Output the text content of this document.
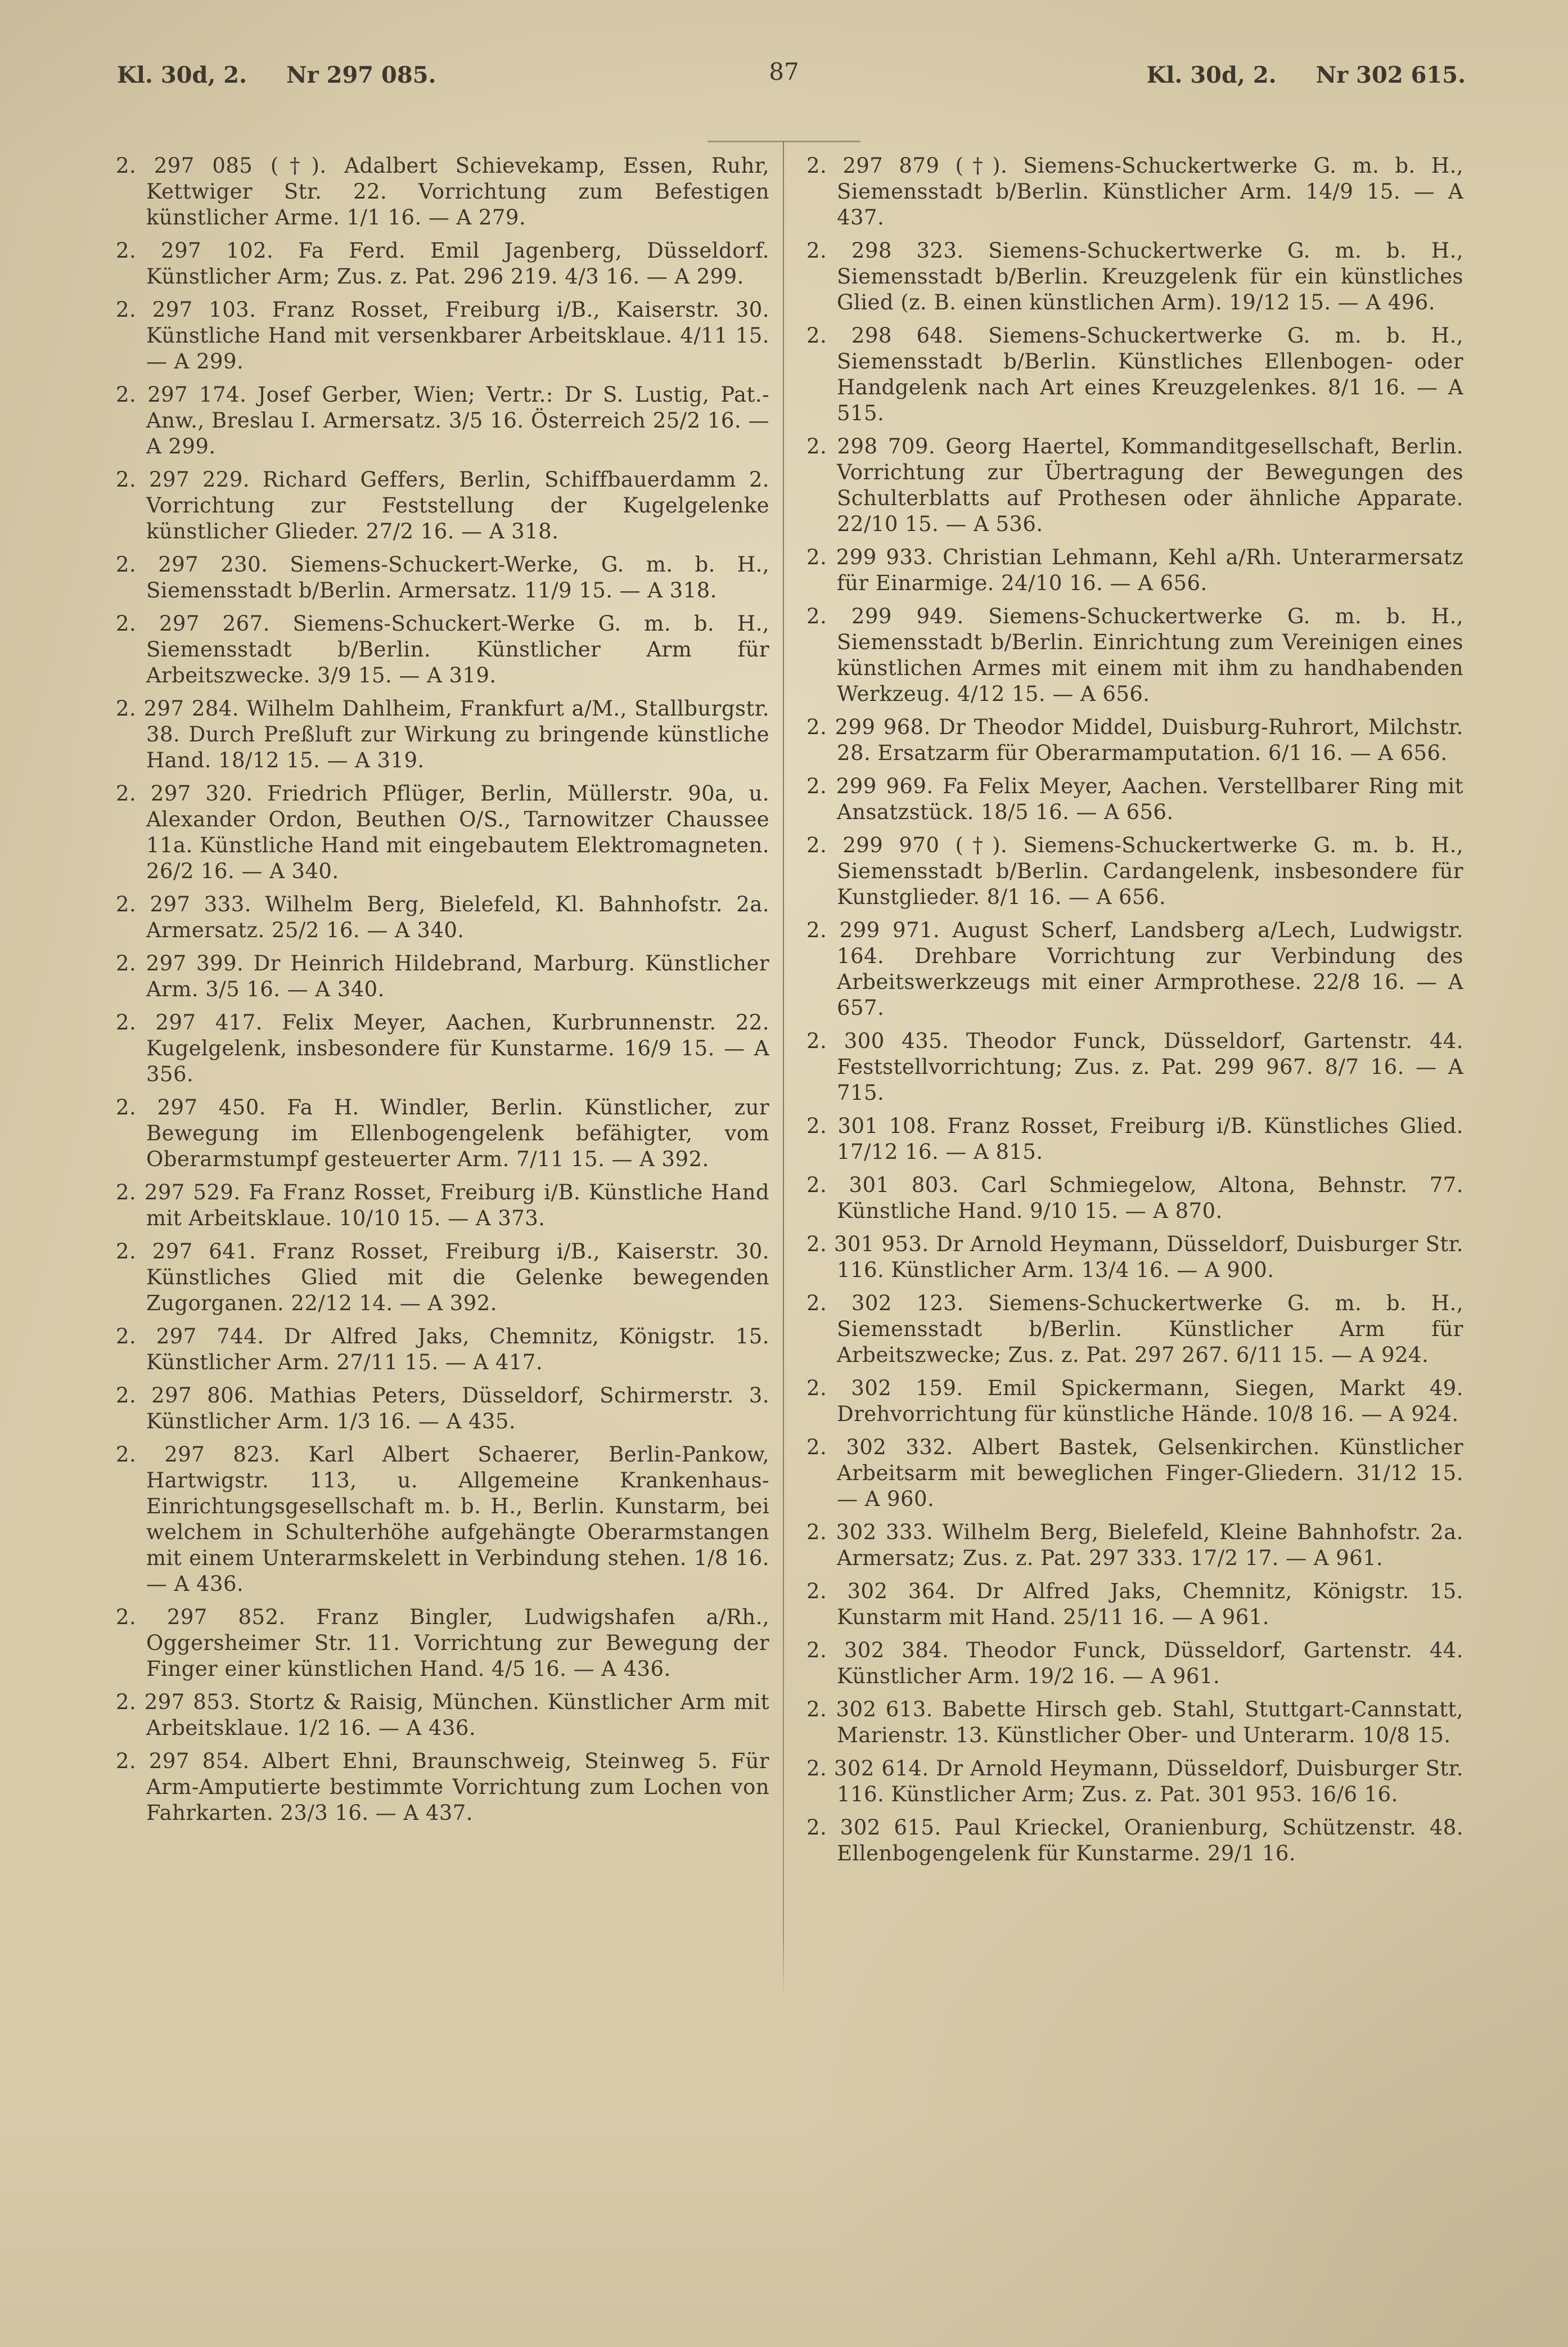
Kl. 30d, 2. Nr 297 085.	87	Kl. 30d, 2. Nr 302 615.

2. 297 085 (†). Adalbert Schievekamp, Essen, Ruhr, Kettwiger Str. 22. Vorrichtung zum Befestigen künstlicher Arme. 1/1 16. — A 279.

2. 297 102. Fa Ferd. Emil Jagenberg, Düsseldorf. Künstlicher Arm; Zus. z. Pat. 296 219. 4/3 16. — A 299.

2. 297 103. Franz Rosset, Freiburg i/B., Kaiserstr. 30. Künstliche Hand mit versenkbarer Arbeitsklaue. 4/11 15. — A 299.

2. 297 174. Josef Gerber, Wien; Vertr.: Dr S. Lustig, Pat.-Anw., Breslau I. Armersatz. 3/5 16. Österreich 25/2 16. — A 299.

2. 297 229. Richard Geffers, Berlin, Schiffbauerdamm 2. Vorrichtung zur Feststellung der Kugelgelenke künstlicher Glieder. 27/2 16. — A 318.

2. 297 230. Siemens-Schuckert-Werke, G. m. b. H., Siemensstadt b/Berlin. Armersatz. 11/9 15. — A 318.

2. 297 267. Siemens-Schuckert-Werke G. m. b. H., Siemensstadt b/Berlin. Künstlicher Arm für Arbeitszwecke. 3/9 15. — A 319.

2. 297 284. Wilhelm Dahlheim, Frankfurt a/M., Stallburgstr. 38. Durch Preßluft zur Wirkung zu bringende künstliche Hand. 18/12 15. — A 319.

2. 297 320. Friedrich Pflüger, Berlin, Müllerstr. 90a, u. Alexander Ordon, Beuthen O/S., Tarnowitzer Chaussee 11a. Künstliche Hand mit eingebautem Elektromagneten. 26/2 16. — A 340.

2. 297 333. Wilhelm Berg, Bielefeld, Kl. Bahnhofstr. 2a. Armersatz. 25/2 16. — A 340.

2. 297 399. Dr Heinrich Hildebrand, Marburg. Künstlicher Arm. 3/5 16. — A 340.

2. 297 417. Felix Meyer, Aachen, Kurbrunnenstr. 22. Kugelgelenk, insbesondere für Kunstarme. 16/9 15. — A 356.

2. 297 450. Fa H. Windler, Berlin. Künstlicher, zur Bewegung im Ellenbogengelenk befähigter, vom Oberarmstumpf gesteuerter Arm. 7/11 15. — A 392.

2. 297 529. Fa Franz Rosset, Freiburg i/B. Künstliche Hand mit Arbeitsklaue. 10/10 15. — A 373.

2. 297 641. Franz Rosset, Freiburg i/B., Kaiserstr. 30. Künstliches Glied mit die Gelenke bewegenden Zugorganen. 22/12 14. — A 392.

2. 297 744. Dr Alfred Jaks, Chemnitz, Königstr. 15. Künstlicher Arm. 27/11 15. — A 417.

2. 297 806. Mathias Peters, Düsseldorf, Schirmerstr. 3. Künstlicher Arm. 1/3 16. — A 435.

2. 297 823. Karl Albert Schaerer, Berlin-Pankow, Hartwigstr. 113, u. Allgemeine Krankenhaus-Einrichtungsgesellschaft m. b. H., Berlin. Kunstarm, bei welchem in Schulterhöhe aufgehängte Oberarmstangen mit einem Unterarmskelett in Verbindung stehen. 1/8 16. — A 436.

2. 297 852. Franz Bingler, Ludwigshafen a/Rh., Oggersheimer Str. 11. Vorrichtung zur Bewegung der Finger einer künstlichen Hand. 4/5 16. — A 436.

2. 297 853. Stortz & Raisig, München. Künstlicher Arm mit Arbeitsklaue. 1/2 16. — A 436.

2. 297 854. Albert Ehni, Braunschweig, Steinweg 5. Für Arm-Amputierte bestimmte Vorrichtung zum Lochen von Fahrkarten. 23/3 16. — A 437.

2. 297 879 (†). Siemens-Schuckertwerke G. m. b. H., Siemensstadt b/Berlin. Künstlicher Arm. 14/9 15. — A 437.

2. 298 323. Siemens-Schuckertwerke G. m. b. H., Siemensstadt b/Berlin. Kreuzgelenk für ein künstliches Glied (z. B. einen künstlichen Arm). 19/12 15. — A 496.

2. 298 648. Siemens-Schuckertwerke G. m. b. H., Siemensstadt b/Berlin. Künstliches Ellenbogen- oder Handgelenk nach Art eines Kreuzgelenkes. 8/1 16. — A 515.

2. 298 709. Georg Haertel, Kommanditgesellschaft, Berlin. Vorrichtung zur Übertragung der Bewegungen des Schulterblatts auf Prothesen oder ähnliche Apparate. 22/10 15. — A 536.

2. 299 933. Christian Lehmann, Kehl a/Rh. Unterarmersatz für Einarmige. 24/10 16. — A 656.

2. 299 949. Siemens-Schuckertwerke G. m. b. H., Siemensstadt b/Berlin. Einrichtung zum Vereinigen eines künstlichen Armes mit einem mit ihm zu handhabenden Werkzeug. 4/12 15. — A 656.

2. 299 968. Dr Theodor Middel, Duisburg-Ruhrort, Milchstr. 28. Ersatzarm für Oberarmamputation. 6/1 16. — A 656.

2. 299 969. Fa Felix Meyer, Aachen. Verstellbarer Ring mit Ansatzstück. 18/5 16. — A 656.

2. 299 970 (†). Siemens-Schuckertwerke G. m. b. H., Siemensstadt b/Berlin. Cardangelenk, insbesondere für Kunstglieder. 8/1 16. — A 656.

2. 299 971. August Scherf, Landsberg a/Lech, Ludwigstr. 164. Drehbare Vorrichtung zur Verbindung des Arbeitswerkzeugs mit einer Armprothese. 22/8 16. — A 657.

2. 300 435. Theodor Funck, Düsseldorf, Gartenstr. 44. Feststellvorrichtung; Zus. z. Pat. 299 967. 8/7 16. — A 715.

2. 301 108. Franz Rosset, Freiburg i/B. Künstliches Glied. 17/12 16. — A 815.

2. 301 803. Carl Schmiegelow, Altona, Behnstr. 77. Künstliche Hand. 9/10 15. — A 870.

2. 301 953. Dr Arnold Heymann, Düsseldorf, Duisburger Str. 116. Künstlicher Arm. 13/4 16. — A 900.

2. 302 123. Siemens-Schuckertwerke G. m. b. H., Siemensstadt b/Berlin. Künstlicher Arm für Arbeitszwecke; Zus. z. Pat. 297 267. 6/11 15. — A 924.

2. 302 159. Emil Spickermann, Siegen, Markt 49. Drehvorrichtung für künstliche Hände. 10/8 16. — A 924.

2. 302 332. Albert Bastek, Gelsenkirchen. Künstlicher Arbeitsarm mit beweglichen Finger-Gliedern. 31/12 15. — A 960.

2. 302 333. Wilhelm Berg, Bielefeld, Kleine Bahnhofstr. 2a. Armersatz; Zus. z. Pat. 297 333. 17/2 17. — A 961.

2. 302 364. Dr Alfred Jaks, Chemnitz, Königstr. 15. Kunstarm mit Hand. 25/11 16. — A 961.

2. 302 384. Theodor Funck, Düsseldorf, Gartenstr. 44. Künstlicher Arm. 19/2 16. — A 961.

2. 302 613. Babette Hirsch geb. Stahl, Stuttgart-Cannstatt, Marienstr. 13. Künstlicher Ober- und Unterarm. 10/8 15.

2. 302 614. Dr Arnold Heymann, Düsseldorf, Duisburger Str. 116. Künstlicher Arm; Zus. z. Pat. 301 953. 16/6 16.

2. 302 615. Paul Krieckel, Oranienburg, Schützenstr. 48. Ellenbogengelenk für Kunstarme. 29/1 16.
